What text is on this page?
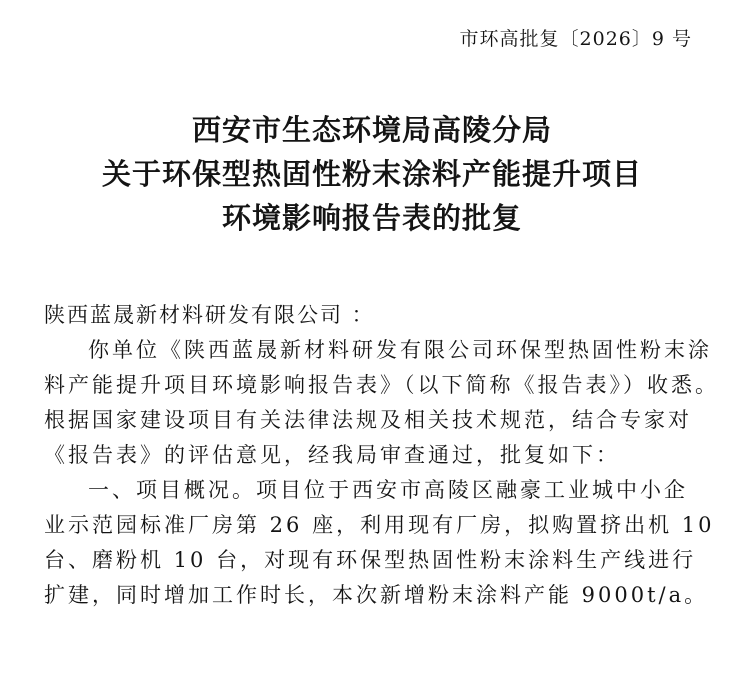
市环高批复〔2026〕9 号
西安市生态环境局高陵分局
关于环保型热固性粉末涂料产能提升项目
环境影响报告表的批复
陕西蓝晟新材料研发有限公司 ：

你单位《陕西蓝晟新材料研发有限公司环保型热固性粉末涂
料产能提升项目环境影响报告表》（以下简称《报告表》）收悉。
根据国家建设项目有关法律法规及相关技术规范，结合专家对
《报告表》的评估意见，经我局审查通过，批复如下：

一、项目概况。项目位于西安市高陵区融豪工业城中小企
业示范园标准厂房第 26 座，利用现有厂房，拟购置挤出机 10
台、磨粉机 10 台，对现有环保型热固性粉末涂料生产线进行
扩建，同时增加工作时长，本次新增粉末涂料产能 9000t/a。
